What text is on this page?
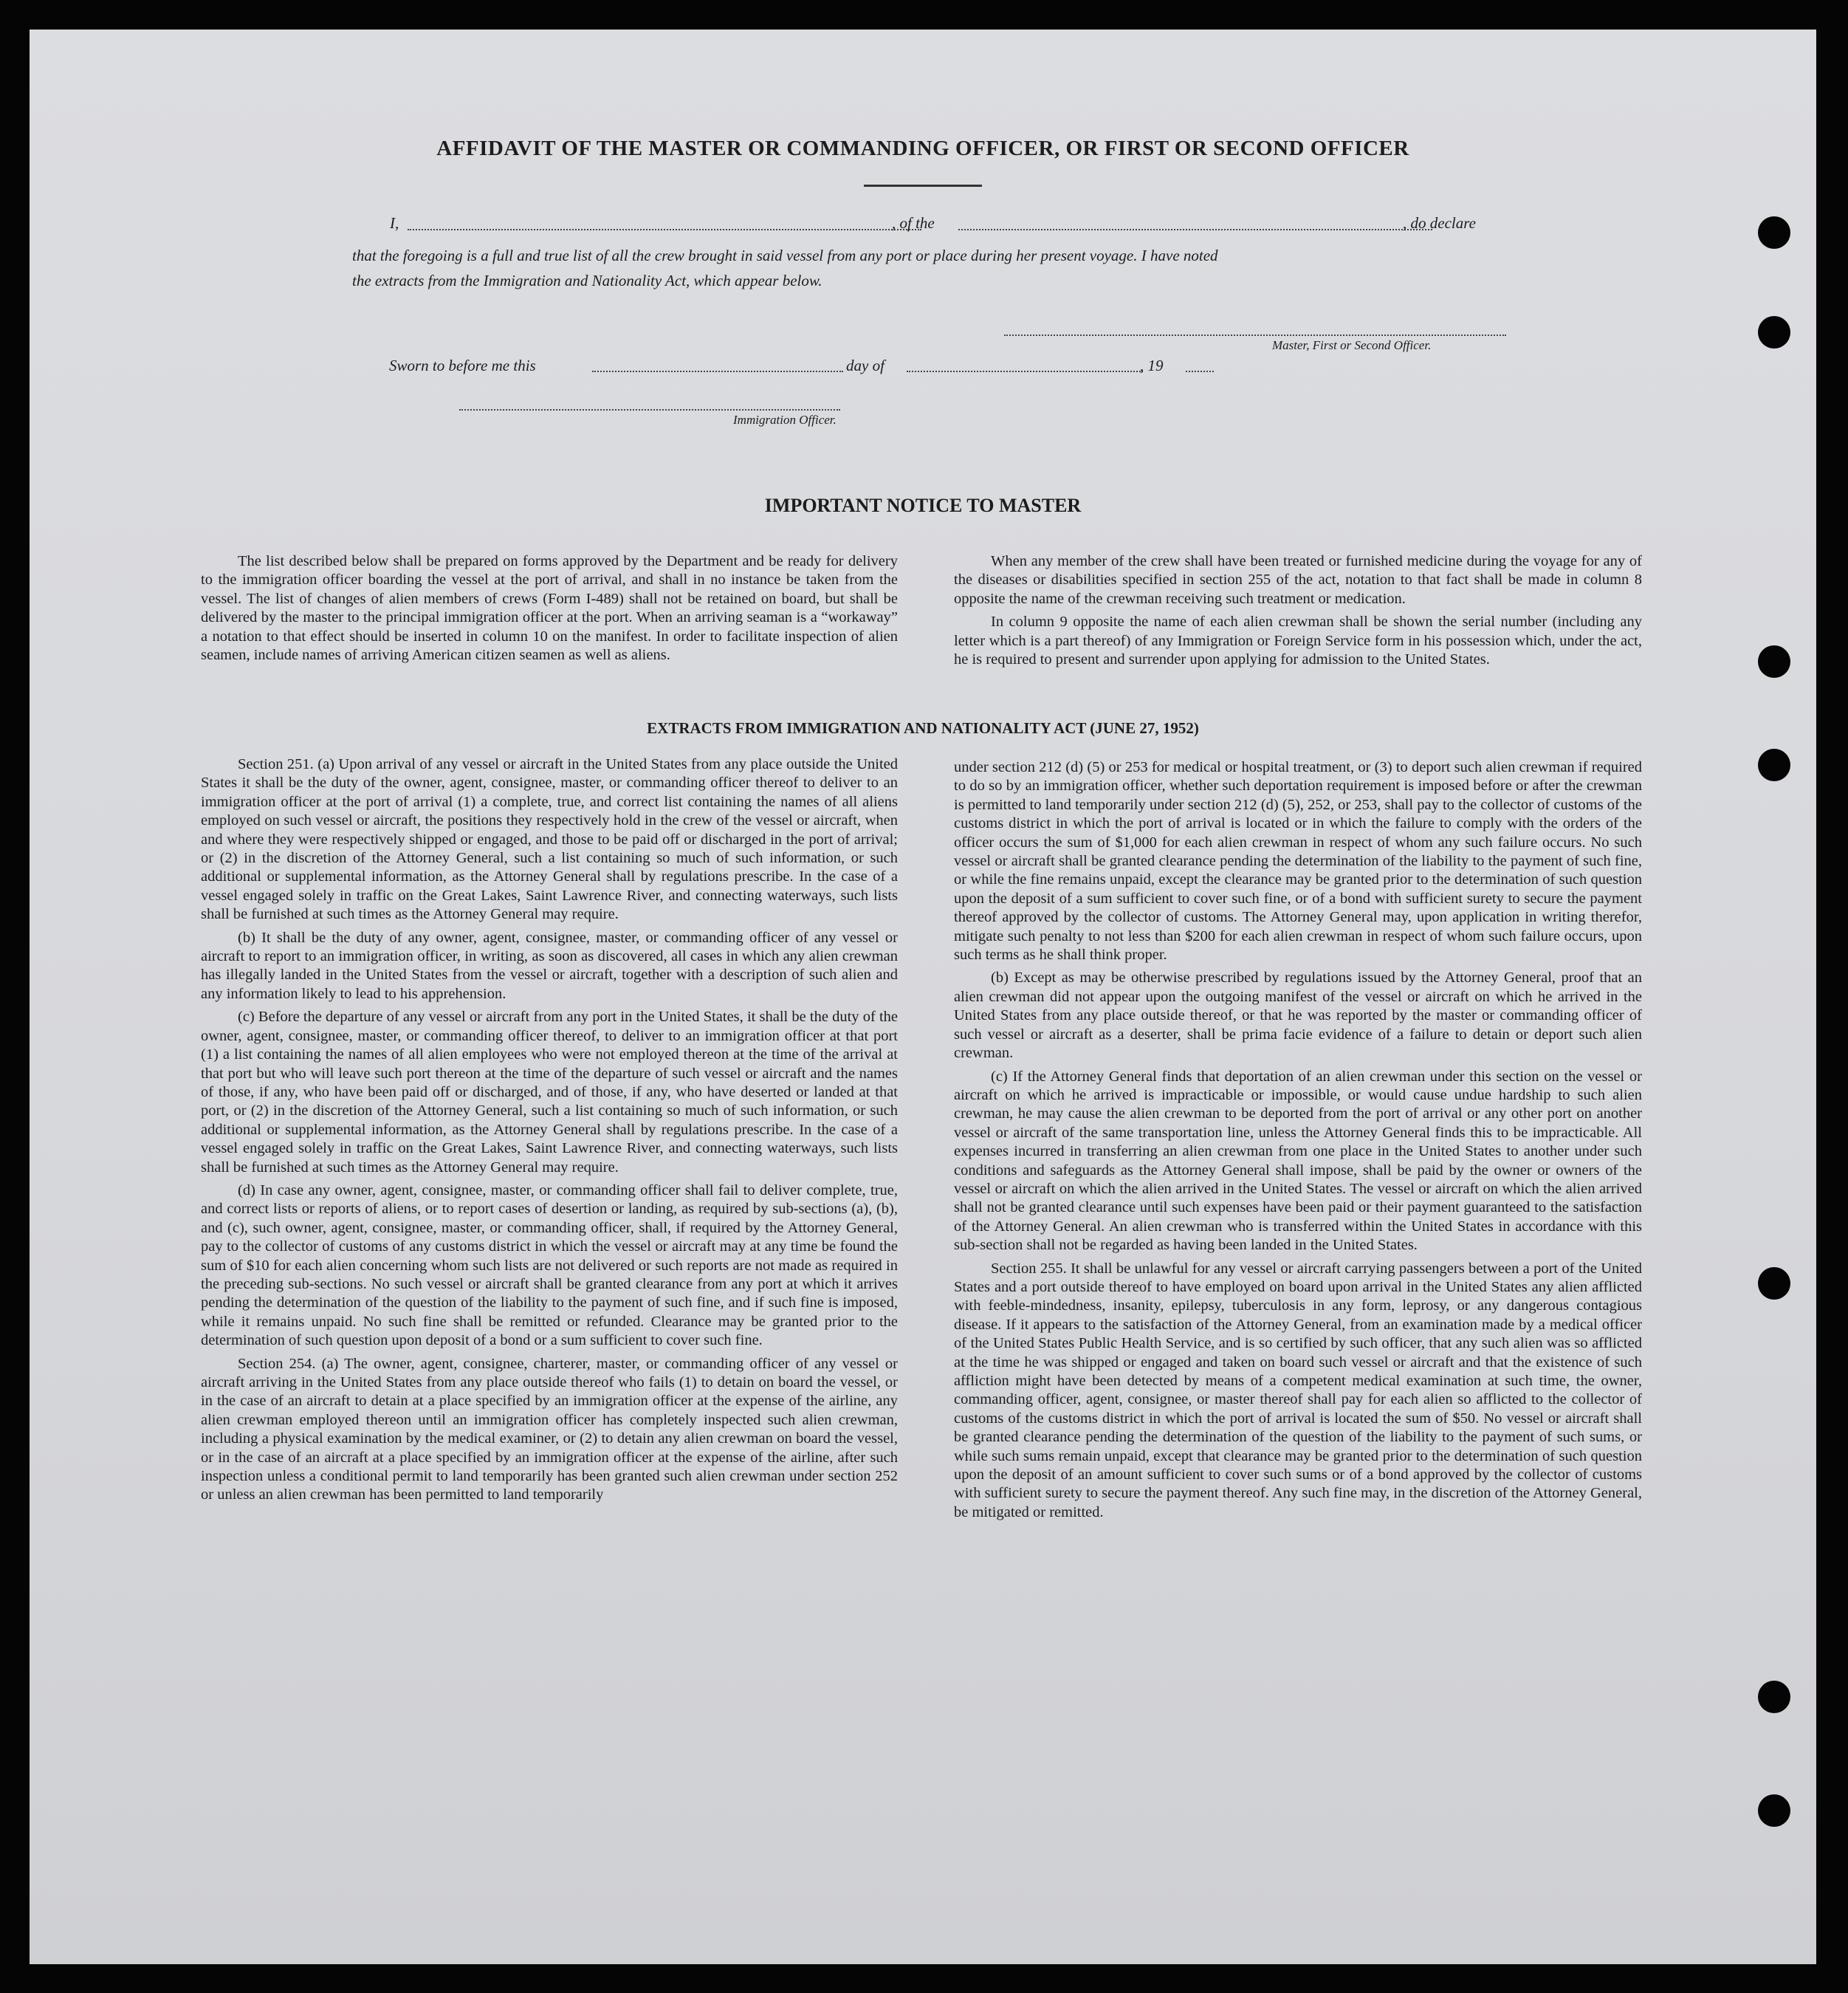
AFFIDAVIT OF THE MASTER OR COMMANDING OFFICER, OR FIRST OR SECOND OFFICER
I,	, of the	, do declare
that the foregoing is a full and true list of all the crew brought in said vessel from any port or place during her present voyage. I have noted
the extracts from the Immigration and Nationality Act, which appear below.
Master, First or Second Officer.
Sworn to before me this	day of	, 19
Immigration Officer.
IMPORTANT NOTICE TO MASTER

The list described below shall be prepared on forms approved by the Department and be ready for delivery to the immigration officer boarding the vessel at the port of arrival, and shall in no instance be taken from the vessel. The list of changes of alien members of crews (Form I-489) shall not be retained on board, but shall be delivered by the master to the principal immigration officer at the port. When an arriving seaman is a “workaway” a notation to that effect should be inserted in column 10 on the manifest. In order to facilitate inspection of alien seamen, include names of arriving American citizen seamen as well as aliens.

When any member of the crew shall have been treated or furnished medicine during the voyage for any of the diseases or disabilities specified in section 255 of the act, notation to that fact shall be made in column 8 opposite the name of the crewman receiving such treatment or medication.

In column 9 opposite the name of each alien crewman shall be shown the serial number (including any letter which is a part thereof) of any Immigration or Foreign Service form in his possession which, under the act, he is required to present and surrender upon applying for admission to the United States.

EXTRACTS FROM IMMIGRATION AND NATIONALITY ACT (JUNE 27, 1952)

Section 251. (a) Upon arrival of any vessel or aircraft in the United States from any place outside the United States it shall be the duty of the owner, agent, consignee, master, or commanding officer thereof to deliver to an immigration officer at the port of arrival (1) a complete, true, and correct list containing the names of all aliens employed on such vessel or aircraft, the positions they respectively hold in the crew of the vessel or aircraft, when and where they were respectively shipped or engaged, and those to be paid off or discharged in the port of arrival; or (2) in the discretion of the Attorney General, such a list containing so much of such information, or such additional or supplemental information, as the Attorney General shall by regulations prescribe. In the case of a vessel engaged solely in traffic on the Great Lakes, Saint Lawrence River, and connecting waterways, such lists shall be furnished at such times as the Attorney General may require.

(b) It shall be the duty of any owner, agent, consignee, master, or commanding officer of any vessel or aircraft to report to an immigration officer, in writing, as soon as discovered, all cases in which any alien crewman has illegally landed in the United States from the vessel or aircraft, together with a description of such alien and any information likely to lead to his apprehension.

(c) Before the departure of any vessel or aircraft from any port in the United States, it shall be the duty of the owner, agent, consignee, master, or commanding officer thereof, to deliver to an immigration officer at that port (1) a list containing the names of all alien employees who were not employed thereon at the time of the arrival at that port but who will leave such port thereon at the time of the departure of such vessel or aircraft and the names of those, if any, who have been paid off or discharged, and of those, if any, who have deserted or landed at that port, or (2) in the discretion of the Attorney General, such a list containing so much of such information, or such additional or supplemental information, as the Attorney General shall by regulations prescribe. In the case of a vessel engaged solely in traffic on the Great Lakes, Saint Lawrence River, and connecting waterways, such lists shall be furnished at such times as the Attorney General may require.

(d) In case any owner, agent, consignee, master, or commanding officer shall fail to deliver complete, true, and correct lists or reports of aliens, or to report cases of desertion or landing, as required by sub-sections (a), (b), and (c), such owner, agent, consignee, master, or commanding officer, shall, if required by the Attorney General, pay to the collector of customs of any customs district in which the vessel or aircraft may at any time be found the sum of $10 for each alien concerning whom such lists are not delivered or such reports are not made as required in the preceding sub-sections. No such vessel or aircraft shall be granted clearance from any port at which it arrives pending the determination of the question of the liability to the payment of such fine, and if such fine is imposed, while it remains unpaid. No such fine shall be remitted or refunded. Clearance may be granted prior to the determination of such question upon deposit of a bond or a sum sufficient to cover such fine.

Section 254. (a) The owner, agent, consignee, charterer, master, or commanding officer of any vessel or aircraft arriving in the United States from any place outside thereof who fails (1) to detain on board the vessel, or in the case of an aircraft to detain at a place specified by an immigration officer at the expense of the airline, any alien crewman employed thereon until an immigration officer has completely inspected such alien crewman, including a physical examination by the medical examiner, or (2) to detain any alien crewman on board the vessel, or in the case of an aircraft at a place specified by an immigration officer at the expense of the airline, after such inspection unless a conditional permit to land temporarily has been granted such alien crewman under section 252 or unless an alien crewman has been permitted to land temporarily

under section 212 (d) (5) or 253 for medical or hospital treatment, or (3) to deport such alien crewman if required to do so by an immigration officer, whether such deportation requirement is imposed before or after the crewman is permitted to land temporarily under section 212 (d) (5), 252, or 253, shall pay to the collector of customs of the customs district in which the port of arrival is located or in which the failure to comply with the orders of the officer occurs the sum of $1,000 for each alien crewman in respect of whom any such failure occurs. No such vessel or aircraft shall be granted clearance pending the determination of the liability to the payment of such fine, or while the fine remains unpaid, except the clearance may be granted prior to the determination of such question upon the deposit of a sum sufficient to cover such fine, or of a bond with sufficient surety to secure the payment thereof approved by the collector of customs. The Attorney General may, upon application in writing therefor, mitigate such penalty to not less than $200 for each alien crewman in respect of whom such failure occurs, upon such terms as he shall think proper.

(b) Except as may be otherwise prescribed by regulations issued by the Attorney General, proof that an alien crewman did not appear upon the outgoing manifest of the vessel or aircraft on which he arrived in the United States from any place outside thereof, or that he was reported by the master or commanding officer of such vessel or aircraft as a deserter, shall be prima facie evidence of a failure to detain or deport such alien crewman.

(c) If the Attorney General finds that deportation of an alien crewman under this section on the vessel or aircraft on which he arrived is impracticable or impossible, or would cause undue hardship to such alien crewman, he may cause the alien crewman to be deported from the port of arrival or any other port on another vessel or aircraft of the same transportation line, unless the Attorney General finds this to be impracticable. All expenses incurred in transferring an alien crewman from one place in the United States to another under such conditions and safeguards as the Attorney General shall impose, shall be paid by the owner or owners of the vessel or aircraft on which the alien arrived in the United States. The vessel or aircraft on which the alien arrived shall not be granted clearance until such expenses have been paid or their payment guaranteed to the satisfaction of the Attorney General. An alien crewman who is transferred within the United States in accordance with this sub-section shall not be regarded as having been landed in the United States.

Section 255. It shall be unlawful for any vessel or aircraft carrying passengers between a port of the United States and a port outside thereof to have employed on board upon arrival in the United States any alien afflicted with feeble-mindedness, insanity, epilepsy, tuberculosis in any form, leprosy, or any dangerous contagious disease. If it appears to the satisfaction of the Attorney General, from an examination made by a medical officer of the United States Public Health Service, and is so certified by such officer, that any such alien was so afflicted at the time he was shipped or engaged and taken on board such vessel or aircraft and that the existence of such affliction might have been detected by means of a competent medical examination at such time, the owner, commanding officer, agent, consignee, or master thereof shall pay for each alien so afflicted to the collector of customs of the customs district in which the port of arrival is located the sum of $50. No vessel or aircraft shall be granted clearance pending the determination of the question of the liability to the payment of such sums, or while such sums remain unpaid, except that clearance may be granted prior to the determination of such question upon the deposit of an amount sufficient to cover such sums or of a bond approved by the collector of customs with sufficient surety to secure the payment thereof. Any such fine may, in the discretion of the Attorney General, be mitigated or remitted.
